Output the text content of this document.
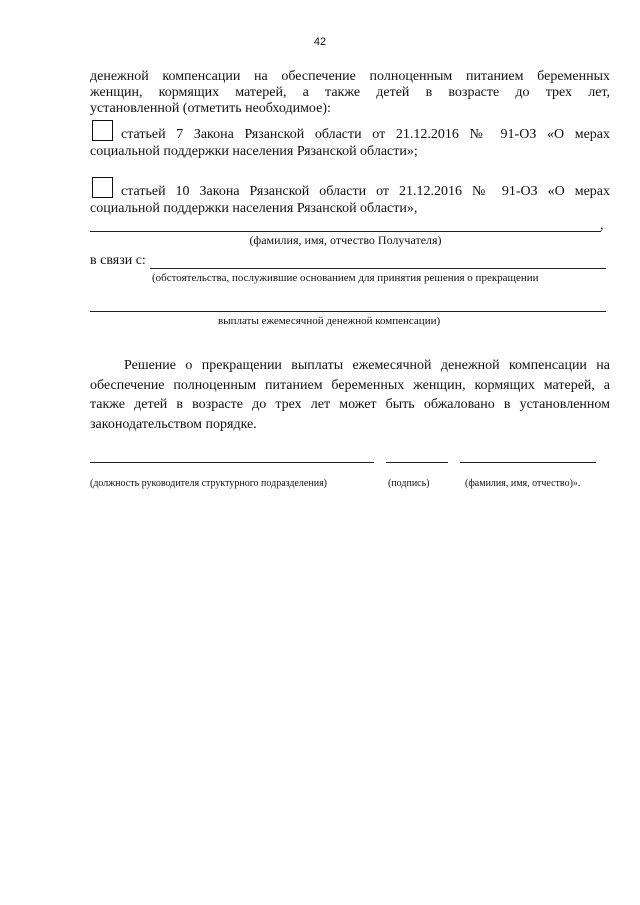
42
денежной компенсации на обеспечение полноценным питанием беременных
женщин, кормящих матерей, а также детей в возрасте до трех лет,
установленной (отметить необходимое):
статьей 7 Закона Рязанской области от 21.12.2016 № 91-ОЗ «О мерах
социальной поддержки населения Рязанской области»;
статьей 10 Закона Рязанской области от 21.12.2016 № 91-ОЗ «О мерах
социальной поддержки населения Рязанской области»,
,
(фамилия, имя, отчество Получателя)
в связи с:
(обстоятельства, послужившие основанием для принятия решения о прекращении
выплаты ежемесячной денежной компенсации)
Решение о прекращении выплаты ежемесячной денежной компенсации на обеспечение полноценным питанием беременных женщин, кормящих матерей, а также детей в возрасте до трех лет может быть обжаловано в установленном законодательством порядке.
(должность руководителя структурного подразделения)	(подпись)	(фамилия, имя, отчество)».
